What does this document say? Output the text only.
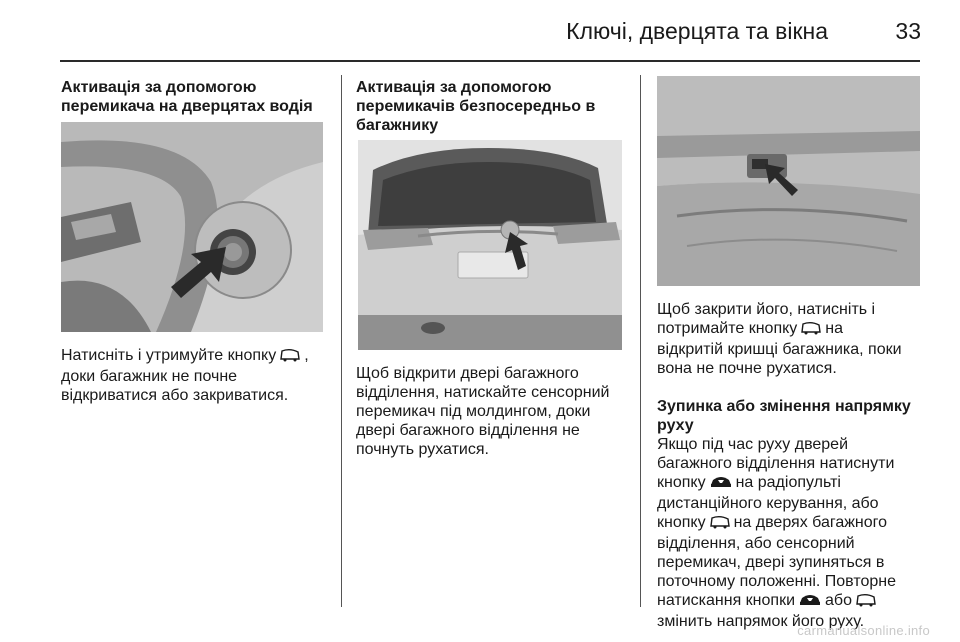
Ключі, дверцята та вікна	33

Активація за допомогою

перемикача на дверцятах водія

Натисніть і утримуйте кнопку ,

доки багажник не почне

відкриватися або закриватися.

Активація за допомогою

перемикачів безпосередньо в

багажнику

Щоб відкрити двері багажного

відділення, натискайте сенсорний

перемикач під молдингом, доки

двері багажного відділення не

почнуть рухатися.

Щоб закрити його, натисніть і

потримайте кнопку на

відкритій кришці багажника, поки

вона не почне рухатися.

Зупинка або змінення напрямку

руху

Якщо під час руху дверей

багажного відділення натиснути

кнопку на радіопульті

дистанційного керування, або

кнопку на дверях багажного

відділення, або сенсорний

перемикач, двері зупиняться в

поточному положенні. Повторне

натискання кнопки або

змінить напрямок його руху.

carmanualsonline.info
